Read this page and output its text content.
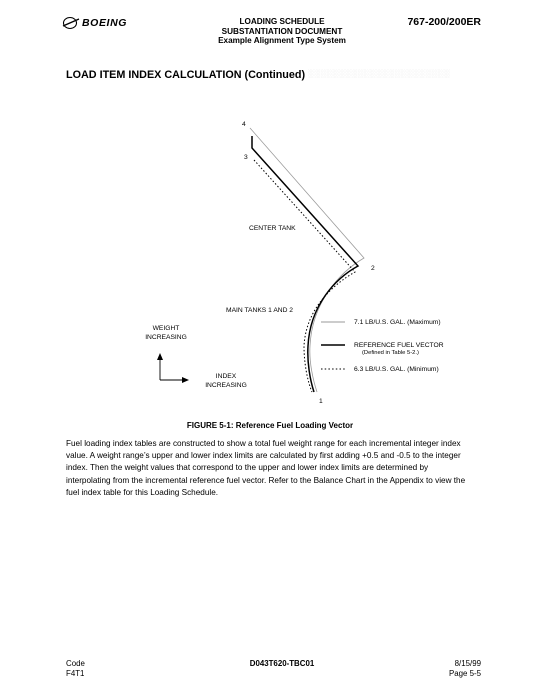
BOEING	LOADING SCHEDULE
SUBSTANTIATION DOCUMENT
Example Alignment Type System
767-200/200ER
LOAD ITEM INDEX CALCULATION (Continued) ░░░░░░░░░░░░░░░░░░░░░░░
4
3
2
1
CENTER TANK
MAIN TANKS 1 AND 2
WEIGHT
INCREASING
INDEX
INCREASING
7.1 LB/U.S. GAL. (Maximum)
REFERENCE FUEL VECTOR
(Defined in Table 5-2.)
6.3 LB/U.S. GAL. (Minimum)
FIGURE 5-1: Reference Fuel Loading Vector
Fuel loading index tables are constructed to show a total fuel weight range for each incremental integer index
value. A weight range’s upper and lower index limits are calculated by first adding +0.5 and -0.5 to the integer
index. Then the weight values that correspond to the upper and lower index limits are determined by
interpolating from the incremental reference fuel vector. Refer to the Balance Chart in the Appendix to view the
fuel index table for this Loading Schedule.
Code
F4T1
D043T620-TBC01	8/15/99
Page 5-5
